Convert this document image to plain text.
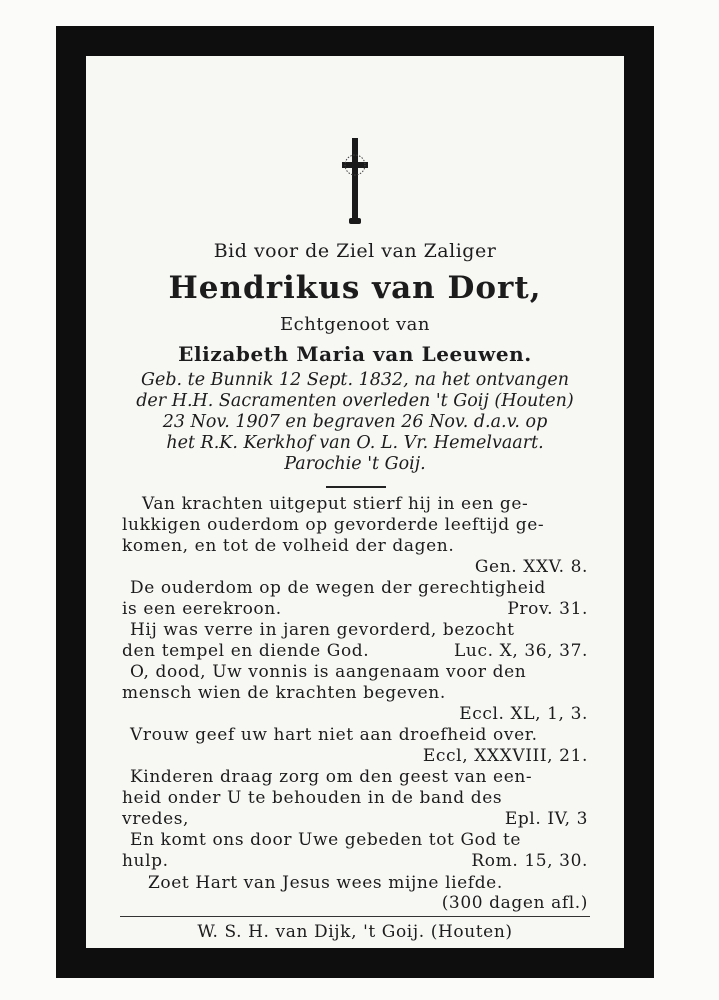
Bid voor de Ziel van Zaliger
Hendrikus van Dort,
Echtgenoot van
Elizabeth Maria van Leeuwen.
Geb. te Bunnik 12 Sept. 1832, na het ontvangen
der H.H. Sacramenten overleden 't Goij (Houten)
23 Nov. 1907 en begraven 26 Nov. d.a.v. op
het R.K. Kerkhof van O. L. Vr. Hemelvaart.
Parochie 't Goij.
Van krachten uitgeput stierf hij in een ge-
lukkigen ouderdom op gevorderde leeftijd ge-
komen, en tot de volheid der dagen.
Gen. XXV. 8.
De ouderdom op de wegen der gerechtigheid
is een eerekroon.	Prov. 31.
Hij was verre in jaren gevorderd, bezocht
den tempel en diende God.	Luc. X, 36, 37.
O, dood, Uw vonnis is aangenaam voor den
mensch wien de krachten begeven.
Eccl. XL, 1, 3.
Vrouw geef uw hart niet aan droefheid over.
Eccl, XXXVIII, 21.
Kinderen draag zorg om den geest van een-
heid onder U te behouden in de band des
vredes,	Epl. IV, 3
En komt ons door Uwe gebeden tot God te
hulp.	Rom. 15, 30.
Zoet Hart van Jesus wees mijne liefde.
(300 dagen afl.)
W. S. H. van Dijk, 't Goij. (Houten)
